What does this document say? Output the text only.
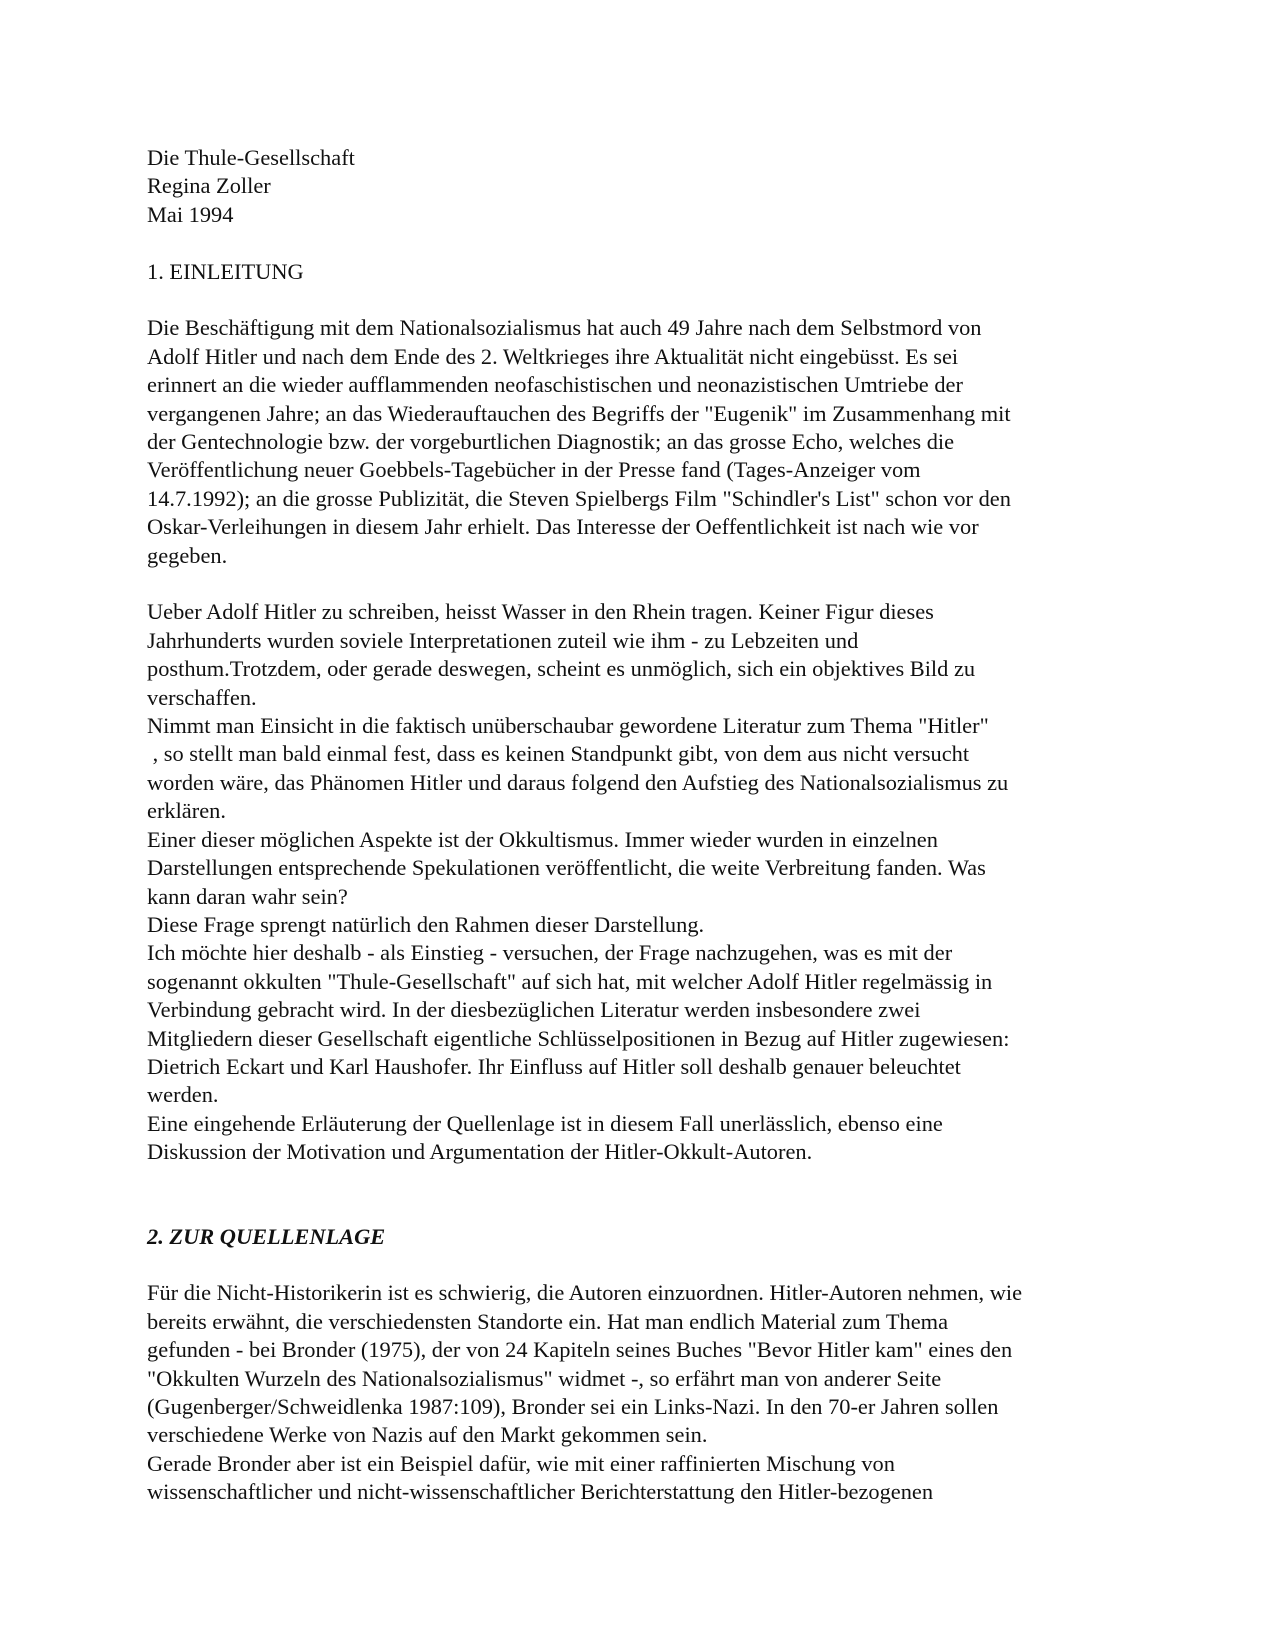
Die Thule-Gesellschaft
Regina Zoller
Mai 1994
1. EINLEITUNG
Die Beschäftigung mit dem Nationalsozialismus hat auch 49 Jahre nach dem Selbstmord von
Adolf Hitler und nach dem Ende des 2. Weltkrieges ihre Aktualität nicht eingebüsst. Es sei
erinnert an die wieder aufflammenden neofaschistischen und neonazistischen Umtriebe der
vergangenen Jahre; an das Wiederauftauchen des Begriffs der "Eugenik" im Zusammenhang mit
der Gentechnologie bzw. der vorgeburtlichen Diagnostik; an das grosse Echo, welches die
Veröffentlichung neuer Goebbels-Tagebücher in der Presse fand (Tages-Anzeiger vom
14.7.1992); an die grosse Publizität, die Steven Spielbergs Film "Schindler's List" schon vor den
Oskar-Verleihungen in diesem Jahr erhielt. Das Interesse der Oeffentlichkeit ist nach wie vor
gegeben.
Ueber Adolf Hitler zu schreiben, heisst Wasser in den Rhein tragen. Keiner Figur dieses
Jahrhunderts wurden soviele Interpretationen zuteil wie ihm - zu Lebzeiten und
posthum.Trotzdem, oder gerade deswegen, scheint es unmöglich, sich ein objektives Bild zu
verschaffen.
Nimmt man Einsicht in die faktisch unüberschaubar gewordene Literatur zum Thema "Hitler"
, so stellt man bald einmal fest, dass es keinen Standpunkt gibt, von dem aus nicht versucht
worden wäre, das Phänomen Hitler und daraus folgend den Aufstieg des Nationalsozialismus zu
erklären.
Einer dieser möglichen Aspekte ist der Okkultismus. Immer wieder wurden in einzelnen
Darstellungen entsprechende Spekulationen veröffentlicht, die weite Verbreitung fanden. Was
kann daran wahr sein?
Diese Frage sprengt natürlich den Rahmen dieser Darstellung.
Ich möchte hier deshalb - als Einstieg - versuchen, der Frage nachzugehen, was es mit der
sogenannt okkulten "Thule-Gesellschaft" auf sich hat, mit welcher Adolf Hitler regelmässig in
Verbindung gebracht wird. In der diesbezüglichen Literatur werden insbesondere zwei
Mitgliedern dieser Gesellschaft eigentliche Schlüsselpositionen in Bezug auf Hitler zugewiesen:
Dietrich Eckart und Karl Haushofer. Ihr Einfluss auf Hitler soll deshalb genauer beleuchtet
werden.
Eine eingehende Erläuterung der Quellenlage ist in diesem Fall unerlässlich, ebenso eine
Diskussion der Motivation und Argumentation der Hitler-Okkult-Autoren.
2. ZUR QUELLENLAGE
Für die Nicht-Historikerin ist es schwierig, die Autoren einzuordnen. Hitler-Autoren nehmen, wie
bereits erwähnt, die verschiedensten Standorte ein. Hat man endlich Material zum Thema
gefunden - bei Bronder (1975), der von 24 Kapiteln seines Buches "Bevor Hitler kam" eines den
"Okkulten Wurzeln des Nationalsozialismus" widmet -, so erfährt man von anderer Seite
(Gugenberger/Schweidlenka 1987:109), Bronder sei ein Links-Nazi. In den 70-er Jahren sollen
verschiedene Werke von Nazis auf den Markt gekommen sein.
Gerade Bronder aber ist ein Beispiel dafür, wie mit einer raffinierten Mischung von
wissenschaftlicher und nicht-wissenschaftlicher Berichterstattung den Hitler-bezogenen
